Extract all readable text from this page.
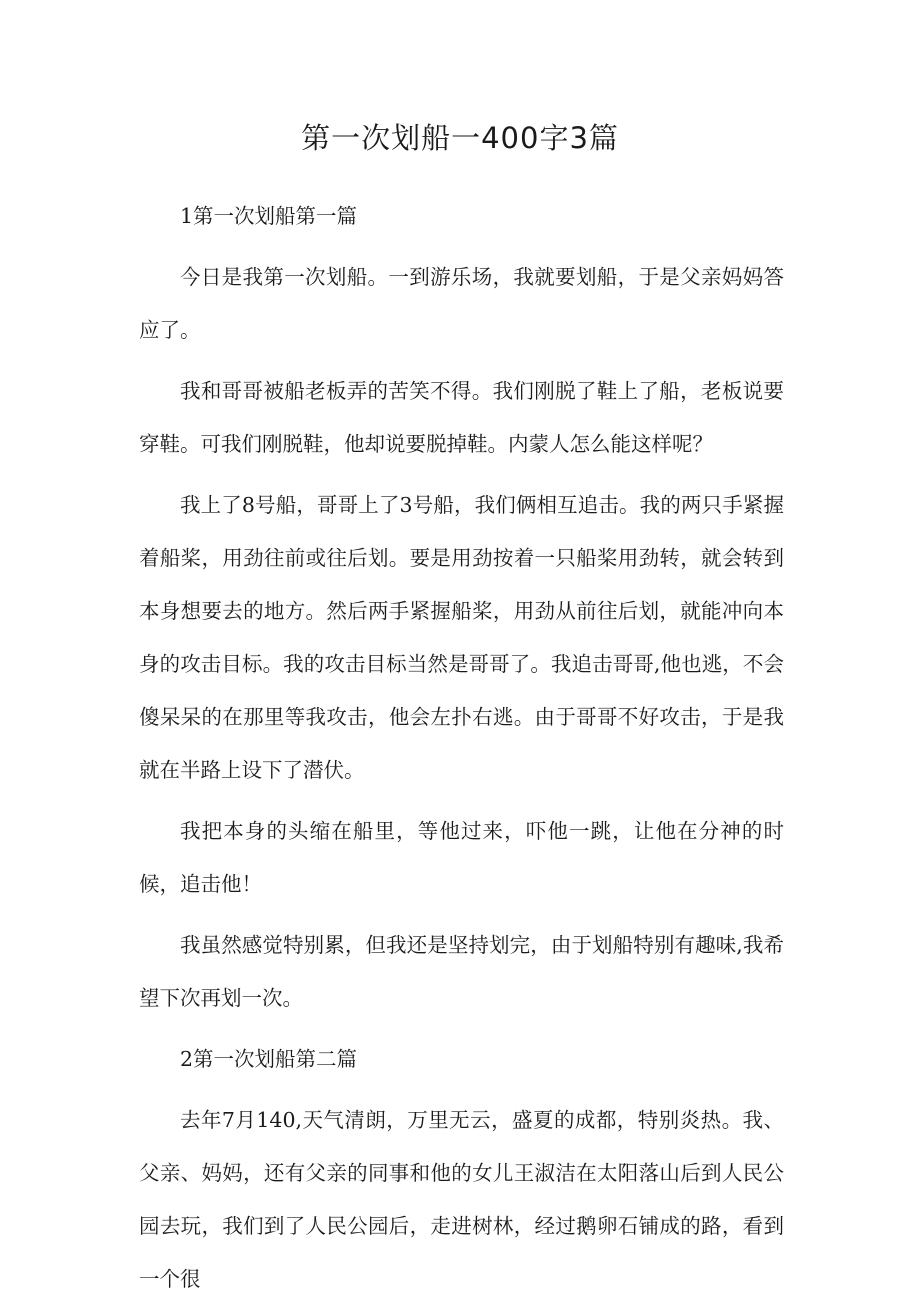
第一次划船一400字3篇

1第一次划船第一篇

今日是我第一次划船。一到游乐场，我就要划船，于是父亲妈妈答应了。

我和哥哥被船老板弄的苦笑不得。我们刚脱了鞋上了船，老板说要穿鞋。可我们刚脱鞋，他却说要脱掉鞋。内蒙人怎么能这样呢？

我上了8号船，哥哥上了3号船，我们俩相互追击。我的两只手紧握着船桨，用劲往前或往后划。要是用劲按着一只船桨用劲转，就会转到本身想要去的地方。然后两手紧握船桨，用劲从前往后划，就能冲向本身的攻击目标。我的攻击目标当然是哥哥了。我追击哥哥,他也逃，不会傻呆呆的在那里等我攻击，他会左扑右逃。由于哥哥不好攻击，于是我就在半路上设下了潜伏。

我把本身的头缩在船里，等他过来，吓他一跳，让他在分神的时候，追击他！

我虽然感觉特别累，但我还是坚持划完，由于划船特别有趣味,我希望下次再划一次。

2第一次划船第二篇

去年7月140,天气清朗，万里无云，盛夏的成都，特别炎热。我、父亲、妈妈，还有父亲的同事和他的女儿王淑洁在太阳落山后到人民公园去玩，我们到了人民公园后，走进树林，经过鹅卵石铺成的路，看到一个很
